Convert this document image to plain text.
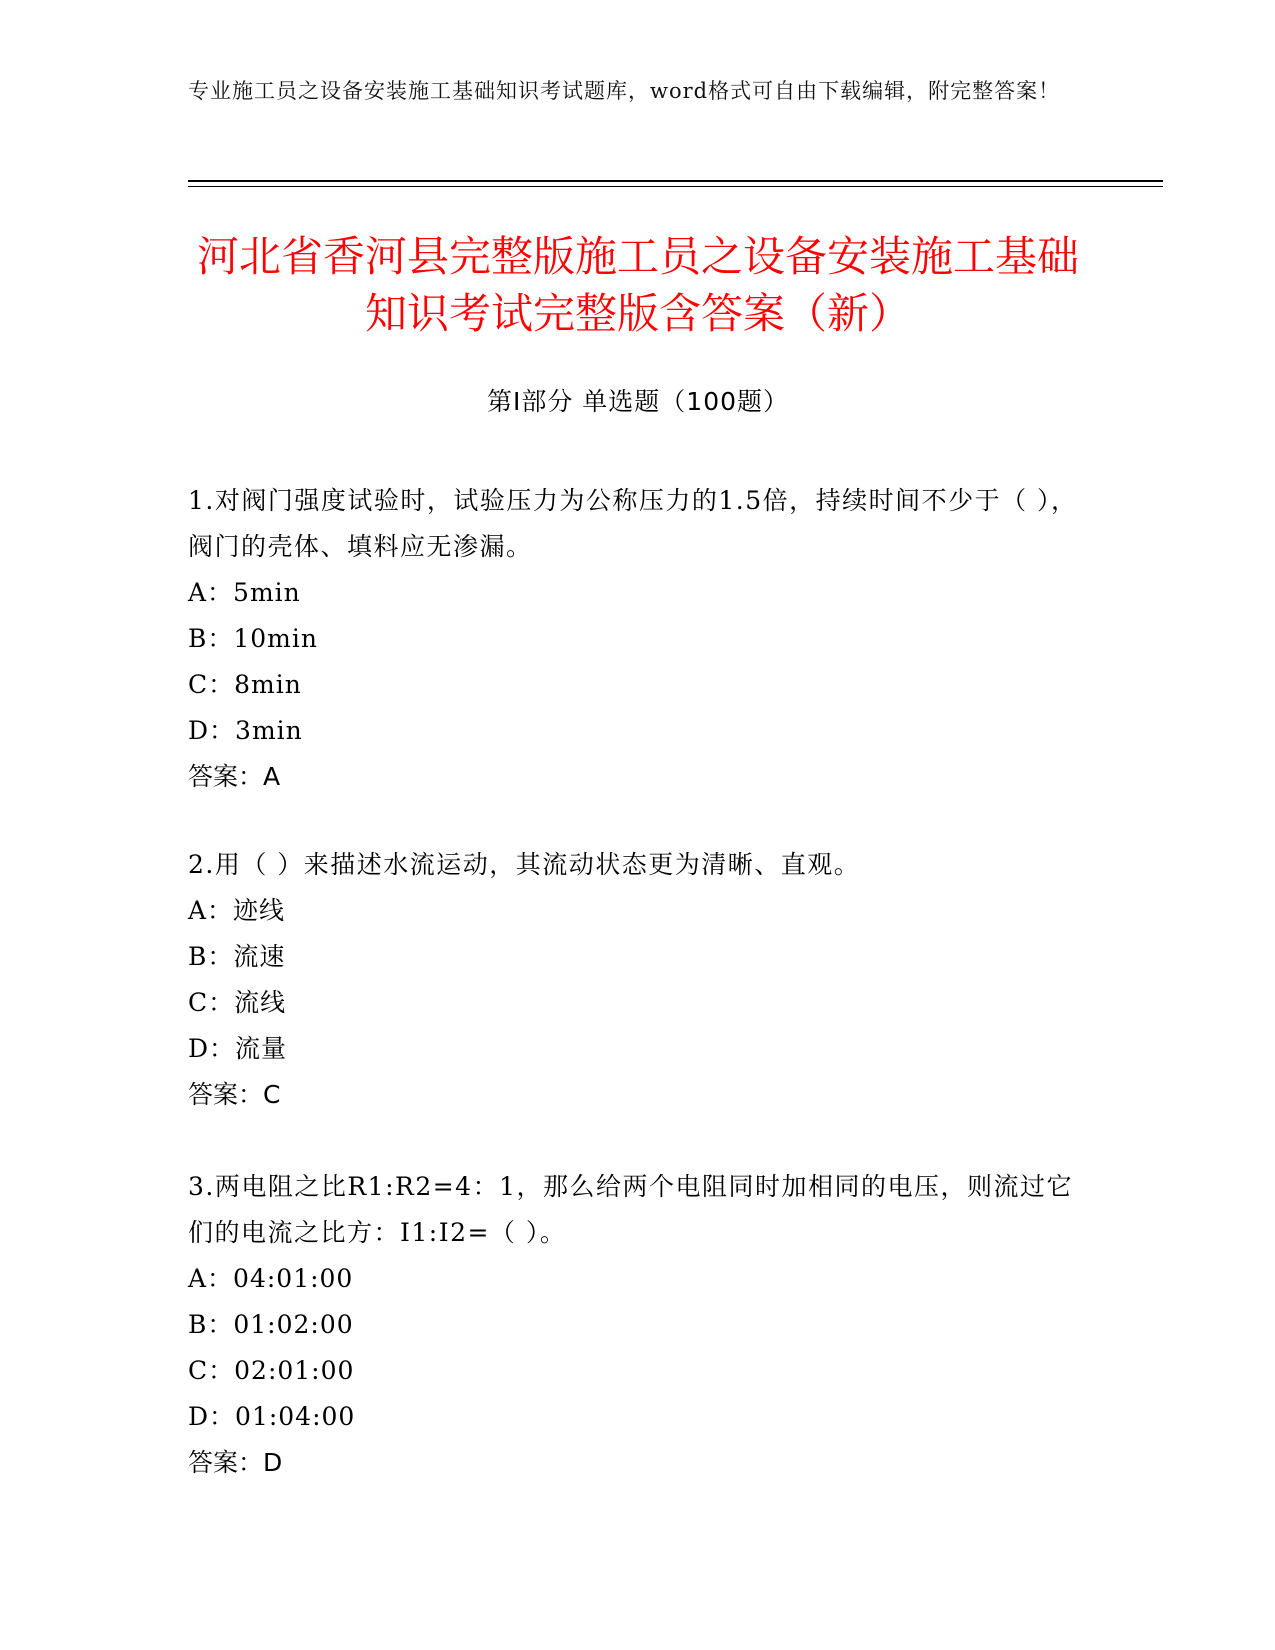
专业施工员之设备安装施工基础知识考试题库，word格式可自由下载编辑，附完整答案！
河北省香河县完整版施工员之设备安装施工基础知识考试完整版含答案（新）
第Ⅰ部分 单选题（100题）

1.对阀门强度试验时，试验压力为公称压力的1.5倍，持续时间不少于（ ），阀门的壳体、填料应无渗漏。

A：5min

B：10min

C：8min

D：3min

答案：A

2.用（ ）来描述水流运动，其流动状态更为清晰、直观。

A：迹线

B：流速

C：流线

D：流量

答案：C

3.两电阻之比R1:R2=4：1，那么给两个电阻同时加相同的电压，则流过它们的电流之比方：I1:I2=（ ）。

A：04:01:00

B：01:02:00

C：02:01:00

D：01:04:00

答案：D
